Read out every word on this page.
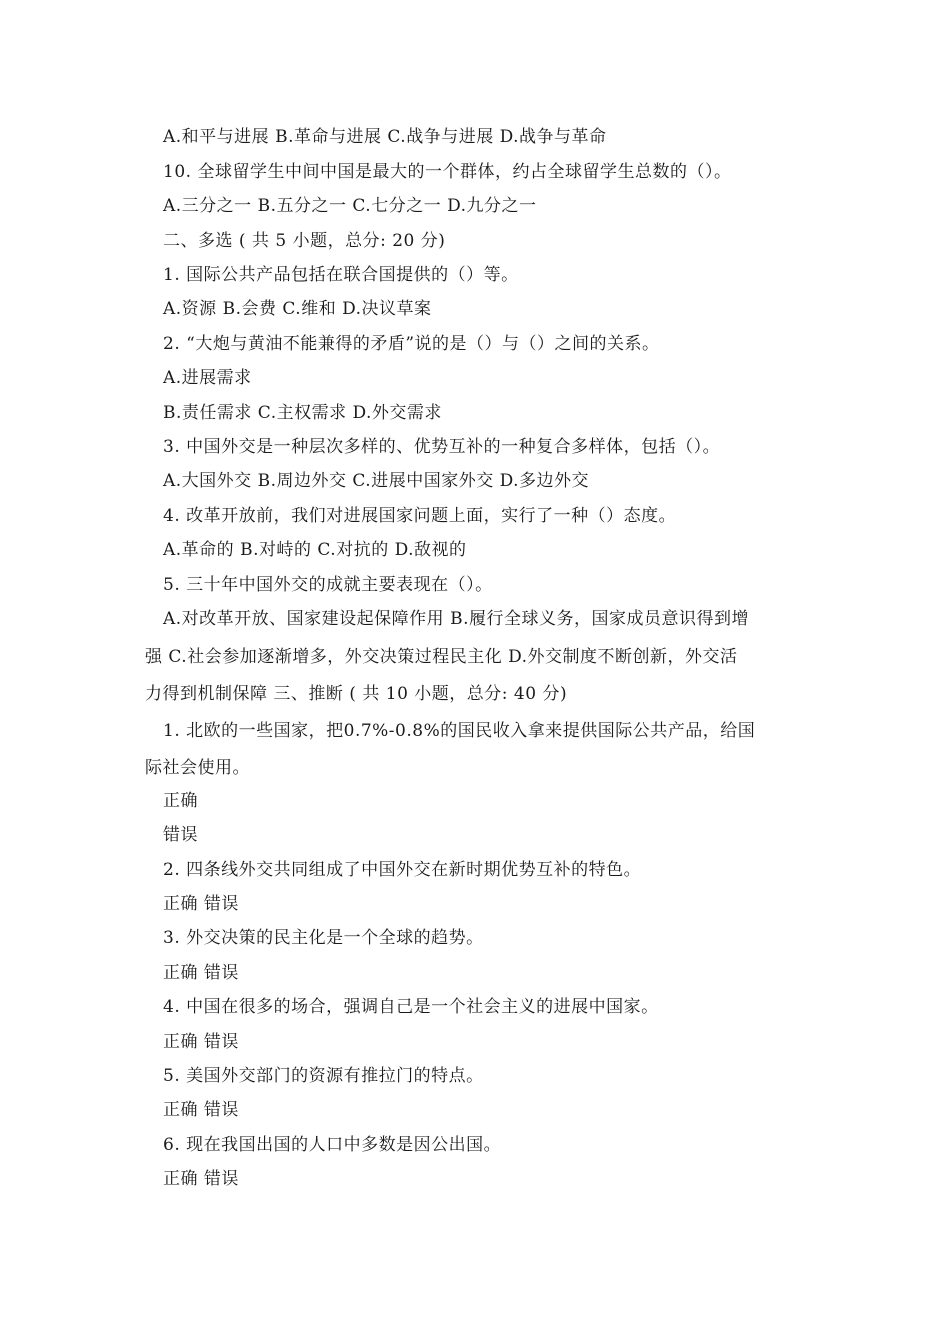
A.和平与进展 B.革命与进展 C.战争与进展 D.战争与革命
10. 全球留学生中间中国是最大的一个群体，约占全球留学生总数的（）。
A.三分之一 B.五分之一 C.七分之一 D.九分之一
二、多选 ( 共 5 小题，总分: 20 分)
1. 国际公共产品包括在联合国提供的（）等。
A.资源 B.会费 C.维和 D.决议草案
2. “大炮与黄油不能兼得的矛盾”说的是（）与（）之间的关系。
A.进展需求
B.责任需求 C.主权需求 D.外交需求
3. 中国外交是一种层次多样的、优势互补的一种复合多样体，包括（）。
A.大国外交 B.周边外交 C.进展中国家外交 D.多边外交
4. 改革开放前，我们对进展国家问题上面，实行了一种（）态度。
A.革命的 B.对峙的 C.对抗的 D.敌视的
5. 三十年中国外交的成就主要表现在（）。
A.对改革开放、国家建设起保障作用 B.履行全球义务，国家成员意识得到增
强 C.社会参加逐渐增多，外交决策过程民主化 D.外交制度不断创新，外交活
力得到机制保障 三、推断 ( 共 10 小题，总分: 40 分)
1. 北欧的一些国家，把0.7%-0.8%的国民收入拿来提供国际公共产品，给国
际社会使用。
正确
错误
2. 四条线外交共同组成了中国外交在新时期优势互补的特色。
正确 错误
3. 外交决策的民主化是一个全球的趋势。
正确 错误
4. 中国在很多的场合，强调自己是一个社会主义的进展中国家。
正确 错误
5. 美国外交部门的资源有推拉门的特点。
正确 错误
6. 现在我国出国的人口中多数是因公出国。
正确 错误
